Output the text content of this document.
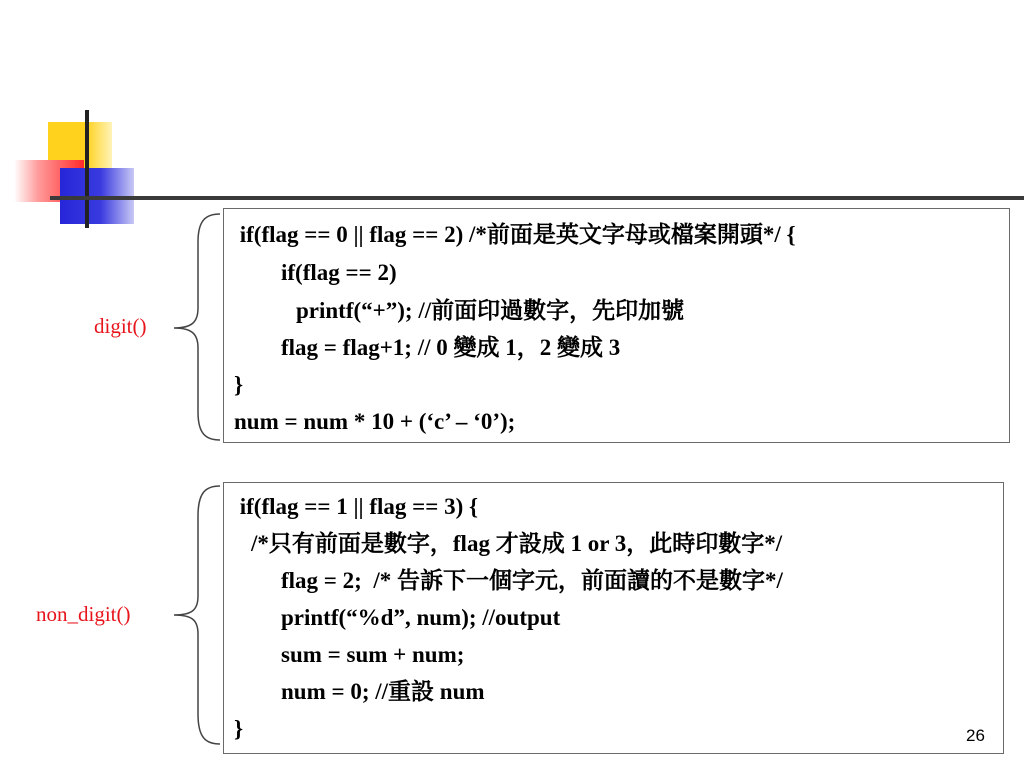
digit()
if(flag == 0 || flag == 2) /*前面是英文字母或檔案開頭*/ {
if(flag == 2)
printf(“+”); //前面印過數字，先印加號
flag = flag+1; // 0 變成 1，2 變成 3
}
num = num * 10 + (‘c’ – ‘0’);
non_digit()
if(flag == 1 || flag == 3) {
/*只有前面是數字，flag 才設成 1 or 3，此時印數字*/
flag = 2;  /* 告訴下一個字元，前面讀的不是數字*/
printf(“%d”, num); //output
sum = sum + num;
num = 0; //重設 num
}	26
